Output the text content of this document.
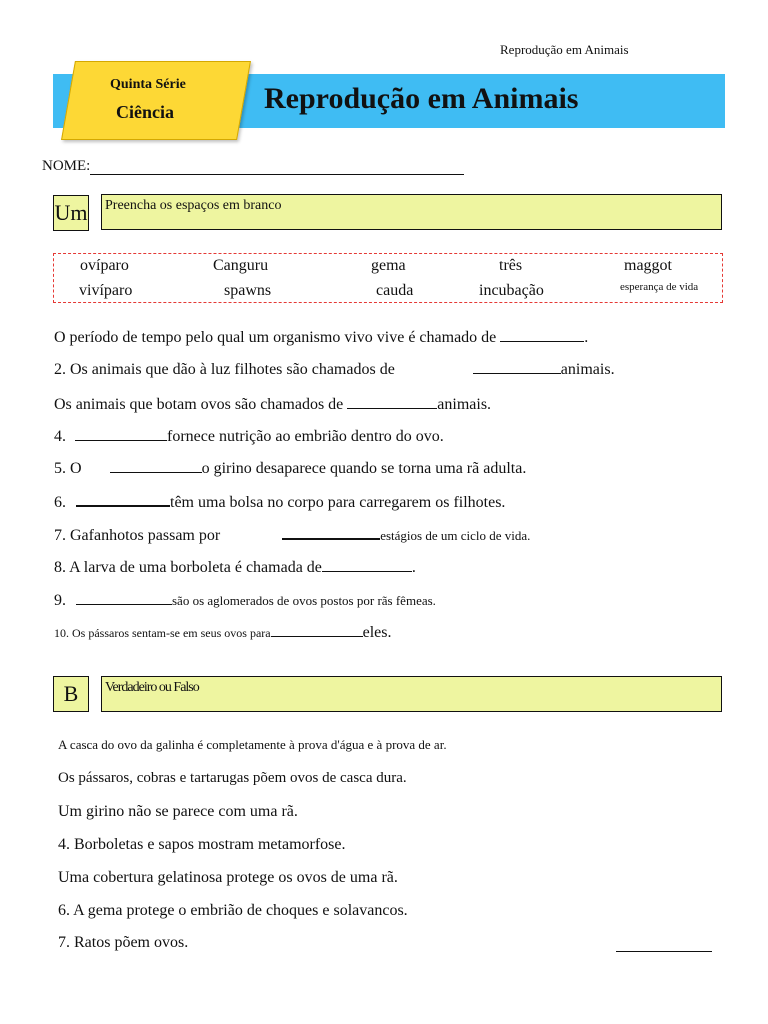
Reprodução em Animais
Quinta Série
Ciência	Reprodução em Animais
NOME:
Um Preencha os espaços em branco
ovíparo	Canguru	gema	três	maggot
vivíparo	spawns	cauda	incubação	esperança de vida
O período de tempo pelo qual um organismo vivo vive é chamado de	.
2. Os animais que dão à luz filhotes são chamados de	animais.
Os animais que botam ovos são chamados de	animais.
4.	fornece nutrição ao embrião dentro do ovo.
5. O	o girino desaparece quando se torna uma rã adulta.
6.	têm uma bolsa no corpo para carregarem os filhotes.
7. Gafanhotos passam por	estágios de um ciclo de vida.
8. A larva de uma borboleta é chamada de	.
9.	são os aglomerados de ovos postos por rãs fêmeas.
10. Os pássaros sentam-se em seus ovos para	eles.
B	Verdadeiro ou Falso
A casca do ovo da galinha é completamente à prova d'água e à prova de ar.
Os pássaros, cobras e tartarugas põem ovos de casca dura.
Um girino não se parece com uma rã.
4. Borboletas e sapos mostram metamorfose.
Uma cobertura gelatinosa protege os ovos de uma rã.
6. A gema protege o embrião de choques e solavancos.
7. Ratos põem ovos.
